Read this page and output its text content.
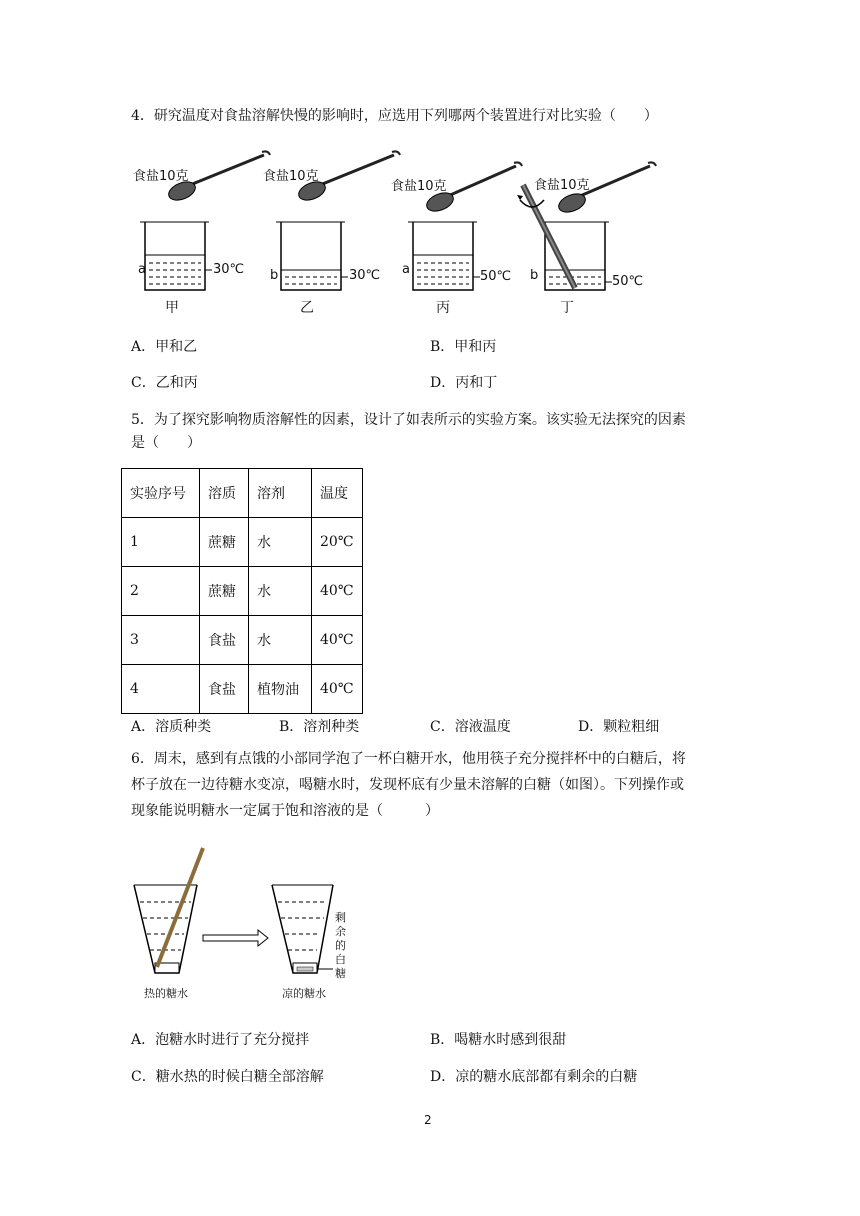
4．研究温度对食盐溶解快慢的影响时，应选用下列哪两个装置进行对比实验（　　）
食盐10克	食盐10克
食盐10克	食盐10克
a	30℃
甲
b	30℃
乙
a	50℃
丙
b	50℃
丁
A．甲和乙	B．甲和丙
C．乙和丙	D．丙和丁
5．为了探究影响物质溶解性的因素，设计了如表所示的实验方案。该实验无法探究的因素
是（　　）
实验序号	溶质	溶剂	温度
1	蔗糖	水	20℃
2	蔗糖	水	40℃
3	食盐	水	40℃
4	食盐	植物油	40℃
A．溶质种类	B．溶剂种类	C．溶液温度	D．颗粒粗细
6．周末，感到有点饿的小部同学泡了一杯白糖开水，他用筷子充分搅拌杯中的白糖后，将
杯子放在一边待糖水变凉，喝糖水时，发现杯底有少量未溶解的白糖（如图）。下列操作或
现象能说明糖水一定属于饱和溶液的是（　　　）
热的糖水	凉的糖水
剩
余
的
白
糖
A．泡糖水时进行了充分搅拌	B．喝糖水时感到很甜
C．糖水热的时候白糖全部溶解	D．凉的糖水底部都有剩余的白糖
2
